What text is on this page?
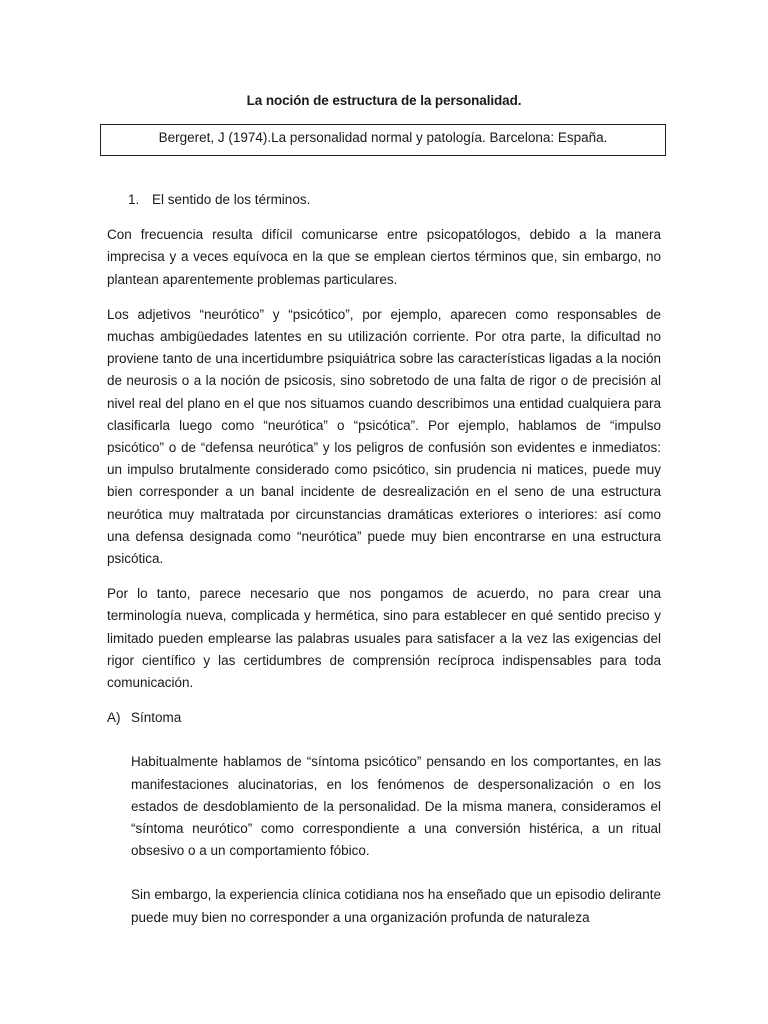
La noción de estructura de la personalidad.
Bergeret, J (1974).La personalidad normal y patología. Barcelona: España.
1. El sentido de los términos.

Con frecuencia resulta difícil comunicarse entre psicopatólogos, debido a la manera imprecisa y a veces equívoca en la que se emplean ciertos términos que, sin embargo, no plantean aparentemente problemas particulares.

Los adjetivos “neurótico” y “psicótico”, por ejemplo, aparecen como responsables de muchas ambigüedades latentes en su utilización corriente. Por otra parte, la dificultad no proviene tanto de una incertidumbre psiquiátrica sobre las características ligadas a la noción de neurosis o a la noción de psicosis, sino sobretodo de una falta de rigor o de precisión al nivel real del plano en el que nos situamos cuando describimos una entidad cualquiera para clasificarla luego como “neurótica” o “psicótica”. Por ejemplo, hablamos de “impulso psicótico” o de “defensa neurótica” y los peligros de confusión son evidentes e inmediatos: un impulso brutalmente considerado como psicótico, sin prudencia ni matices, puede muy bien corresponder a un banal incidente de desrealización en el seno de una estructura neurótica muy maltratada por circunstancias dramáticas exteriores o interiores: así como una defensa designada como “neurótica” puede muy bien encontrarse en una estructura psicótica.

Por lo tanto, parece necesario que nos pongamos de acuerdo, no para crear una terminología nueva, complicada y hermética, sino para establecer en qué sentido preciso y limitado pueden emplearse las palabras usuales para satisfacer a la vez las exigencias del rigor científico y las certidumbres de comprensión recíproca indispensables para toda comunicación.

A) Síntoma

Habitualmente hablamos de “síntoma psicótico” pensando en los comportantes, en las manifestaciones alucinatorias, en los fenómenos de despersonalización o en los estados de desdoblamiento de la personalidad. De la misma manera, consideramos el “síntoma neurótico” como correspondiente a una conversión histérica, a un ritual obsesivo o a un comportamiento fóbico.

Sin embargo, la experiencia clínica cotidiana nos ha enseñado que un episodio delirante puede muy bien no corresponder a una organización profunda de naturaleza
